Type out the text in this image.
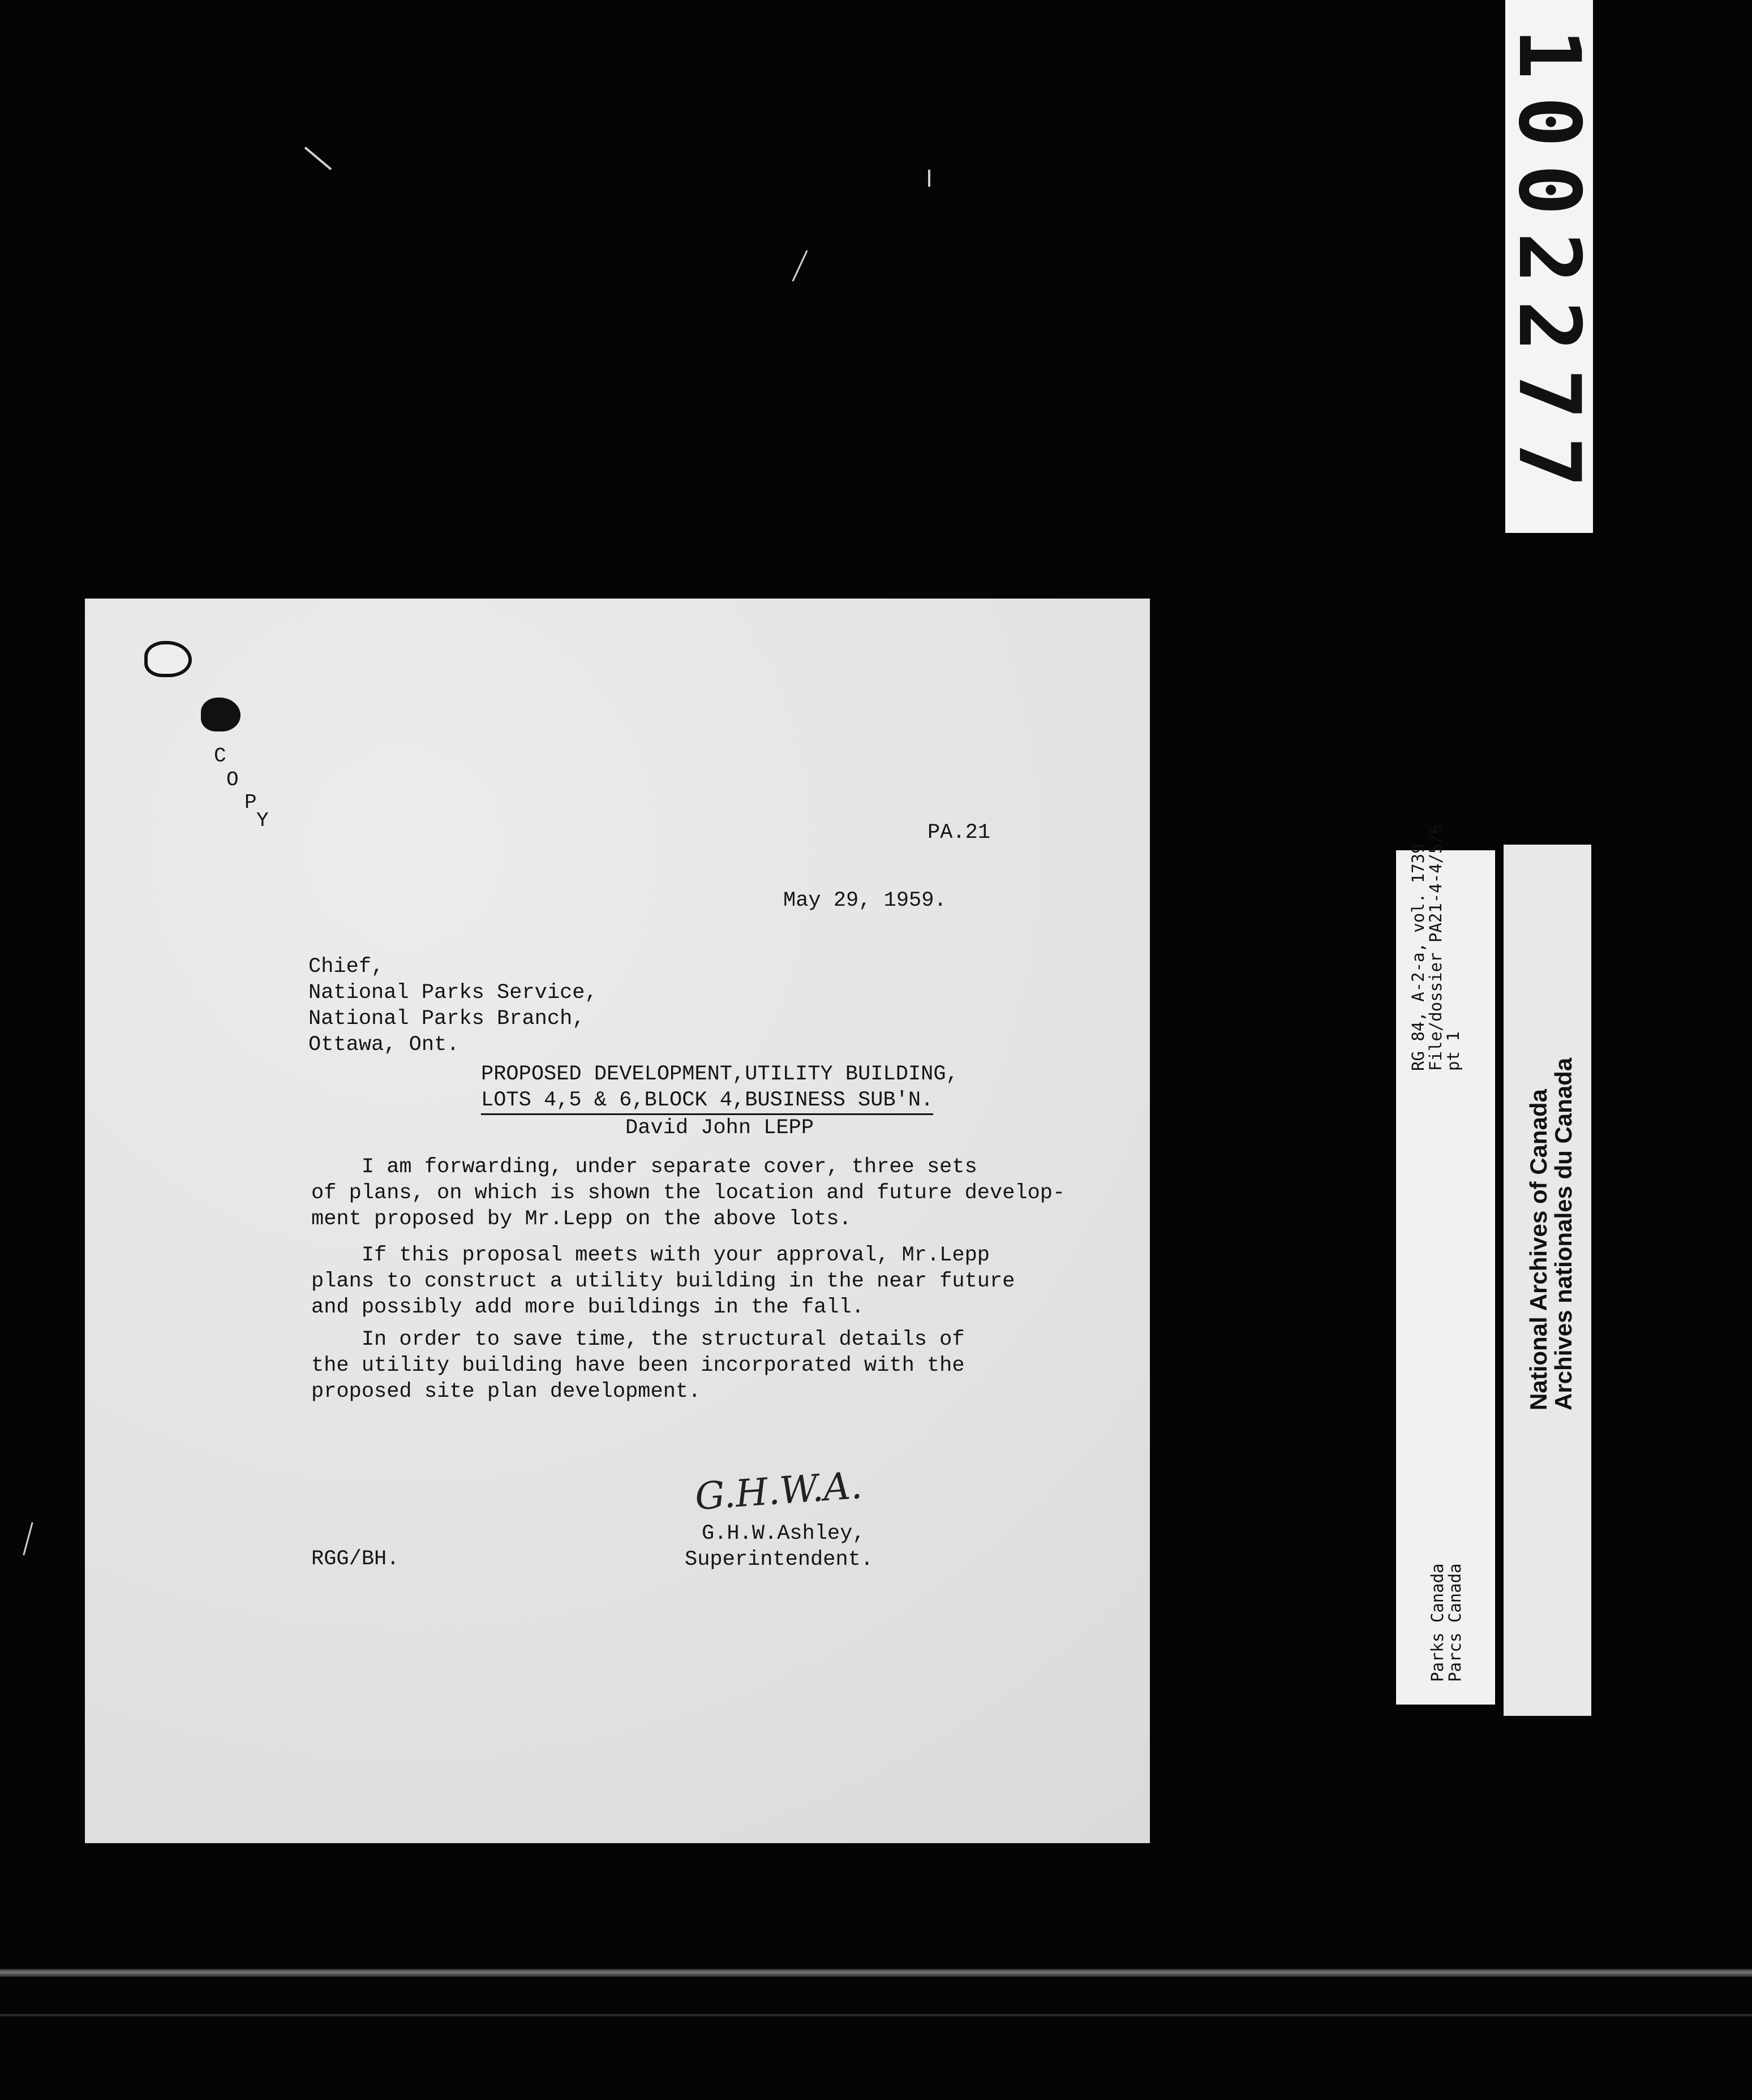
1002277
C
O
P
Y
PA.21
May 29, 1959.
Chief,
National Parks Service,
National Parks Branch,
Ottawa, Ont.
PROPOSED DEVELOPMENT,UTILITY BUILDING,
LOTS 4,5 & 6,BLOCK 4,BUSINESS SUB'N.
David John LEPP
I am forwarding, under separate cover, three sets
of plans, on which is shown the location and future develop-
ment proposed by Mr.Lepp on the above lots.
If this proposal meets with your approval, Mr.Lepp
plans to construct a utility building in the near future
and possibly add more buildings in the fall.
In order to save time, the structural details of
the utility building have been incorporated with the
proposed site plan development.
G.H.W.A.
G.H.W.Ashley,
Superintendent.
RGG/BH.
Parks Canada
Parcs Canada
RG 84, A-2-a, vol. 1739
File/dossier PA21-4-4/5/6
pt 1
National Archives of Canada
Archives nationales du Canada
